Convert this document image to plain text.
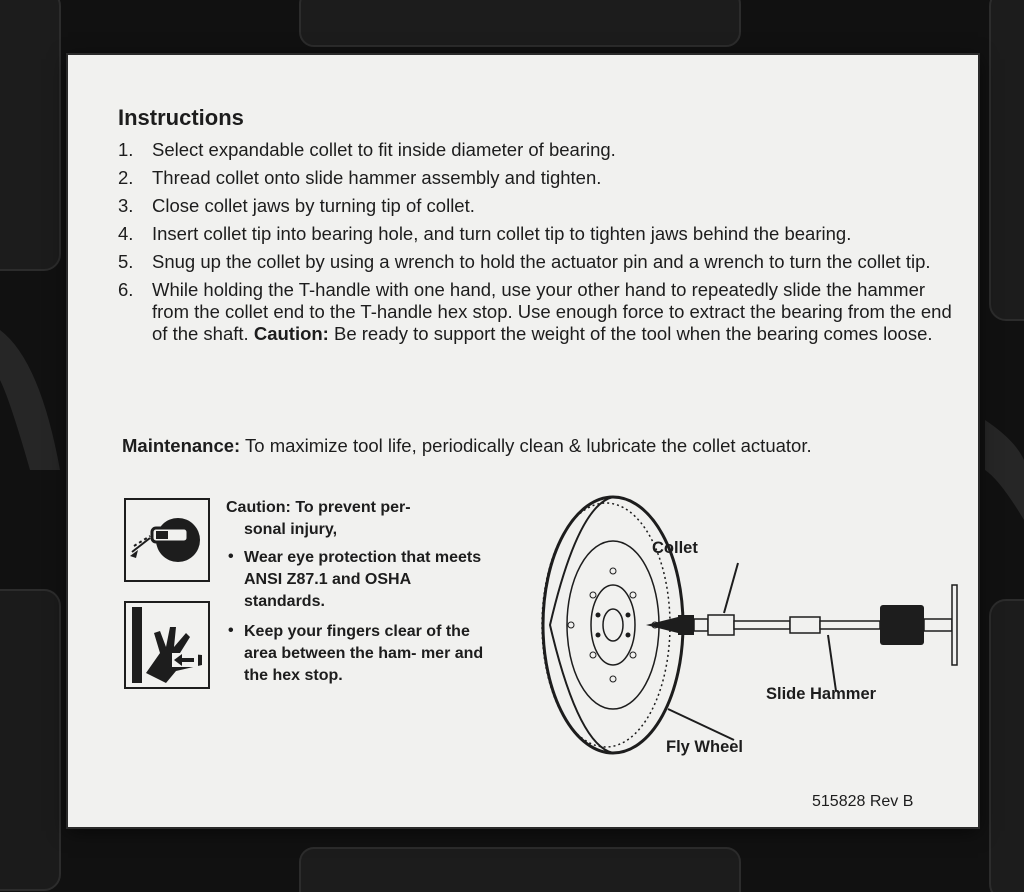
Instructions
1.	Select expandable collet to fit inside diameter of bearing.
2.	Thread collet onto slide hammer assembly and tighten.
3.	Close collet jaws by turning tip of collet.
4.	Insert collet tip into bearing hole, and turn collet tip to tighten jaws behind the bearing.
5.	Snug up the collet by using a wrench to hold the actuator pin and a wrench to turn the collet tip.
6.	While holding the T-handle with one hand, use your other hand to repeatedly slide the hammer from the collet end to the T-handle hex stop. Use enough force to extract the bearing from the end of the shaft. Caution: Be ready to support the weight of the tool when the bearing comes loose.
Maintenance: To maximize tool life, periodically clean & lubricate the collet actuator.
Caution: To prevent per-
sonal injury,
• Wear eye protection that meets ANSI Z87.1 and OSHA standards.
• Keep your fingers clear of the area between the ham- mer and the hex stop.
Collet
Slide Hammer
Fly Wheel
515828 Rev B
